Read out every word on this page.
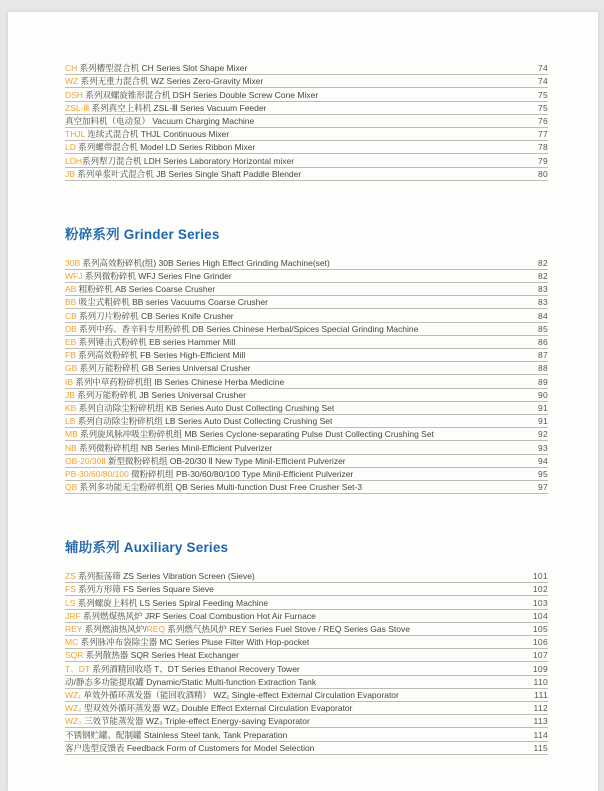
CH 系列槽型混合机 CH Series Slot Shape Mixer	74
WZ 系列无重力混合机 WZ Series Zero-Gravity Mixer	74
DSH 系列双螺旋锥形混合机 DSH Series Double Screw Cone Mixer	75
ZSL-Ⅲ 系列真空上料机 ZSL-Ⅲ Series Vacuum Feeder	75
真空加料机（电动泵） Vacuum Charging Machine	76
THJL 连续式混合机 THJL Continuous Mixer	77
LD 系列螺带混合机 Model LD Series Ribbon Mixer	78
LDH系列犁刀混合机 LDH Series Laboratory Horizontal mixer	79
JB 系列单浆叶式混合机 JB Series Single Shaft Paddle Blender	80
粉碎系列 Grinder Series
30B 系列高效粉碎机(组) 30B Series High Effect Grinding Machine(set)	82
WFJ 系列微粉碎机 WFJ Series Fine Grinder	82
AB 粗粉碎机 AB Series Coarse Crusher	83
BB 吸尘式粗碎机 BB series Vacuums Coarse Crusher	83
CB 系列刀片粉碎机 CB Series Knife Crusher	84
DB 系列中药、香辛料专用粉碎机 DB Series Chinese Herbal/Spices Special Grinding Machine	85
EB 系列锤击式粉碎机 EB series Hammer Mill	86
FB 系列高效粉碎机 FB Series High-Efficient Mill	87
GB 系列万能粉碎机 GB Series Universal Crusher	88
IB 系列中草药粉碎机组 IB Series Chinese Herba Medicine	89
JB 系列万能粉碎机 JB Series Universal Crusher	90
KB 系列自动除尘粉碎机组 KB Series Auto Dust Collecting Crushing Set	91
LB 系列自动除尘粉碎机组 LB Series Auto Dust Collecting Crushing Set	91
MB 系列旋风脉冲吸尘粉碎机组 MB Series Cyclone-separating Pulse Dust Collecting Crushing Set	92
NB 系列微粉碎机组 NB Series Minil-Efficient Pulverizer	93
OB-20/30Ⅱ 新型微粉碎机组 OB-20/30 Ⅱ New Type Minil-Efficient Pulverizer	94
PB-30/60/80/100 微粉碎机组 PB-30/60/80/100 Type Minil-Efficient Pulverizer	95
QB 系列多功能无尘粉碎机组 QB Series Multi-function Dust Free Crusher Set-3	97
辅助系列 Auxiliary Series
ZS 系列振荡筛 ZS Series Vibration Screen (Sieve)	101
FS 系列方形筛 FS Series Square Sieve	102
LS 系列螺旋上料机 LS Series Spiral Feeding Machine	103
JRF 系列燃煤热风炉 JRF Series Coal Combustion Hot Air Furnace	104
REY 系列燃油热风炉/REQ 系列燃气热风炉 REY Series Fuel Stove / REQ Series Gas Stove	105
MC 系列脉冲布袋除尘器 MC Series Pluse Filter With Hop-pocket	106
SQR 系列散热器 SQR Series Heat Exchanger	107
T、DT 系列酒精回收塔 T、DT Series Ethanol Recovery Tower	109
动/静态多功能提取罐 Dynamic/Static Multi-function Extraction Tank	110
WZ₁ 单效外循环蒸发器（能回收酒精） WZ₁ Single-effect External Circulation Evaporator	111
WZ₂ 型双效外循环蒸发器 WZ₂ Double Effect External Circulation Evaporator	112
WZ₃ 三效节能蒸发器 WZ₃ Triple-effect Energy-saving Evaporator	113
不锈钢贮罐、配制罐 Stainless Steel tank, Tank Preparation	114
客户选型反馈表 Feedback Form of Customers for Model Selection	115
